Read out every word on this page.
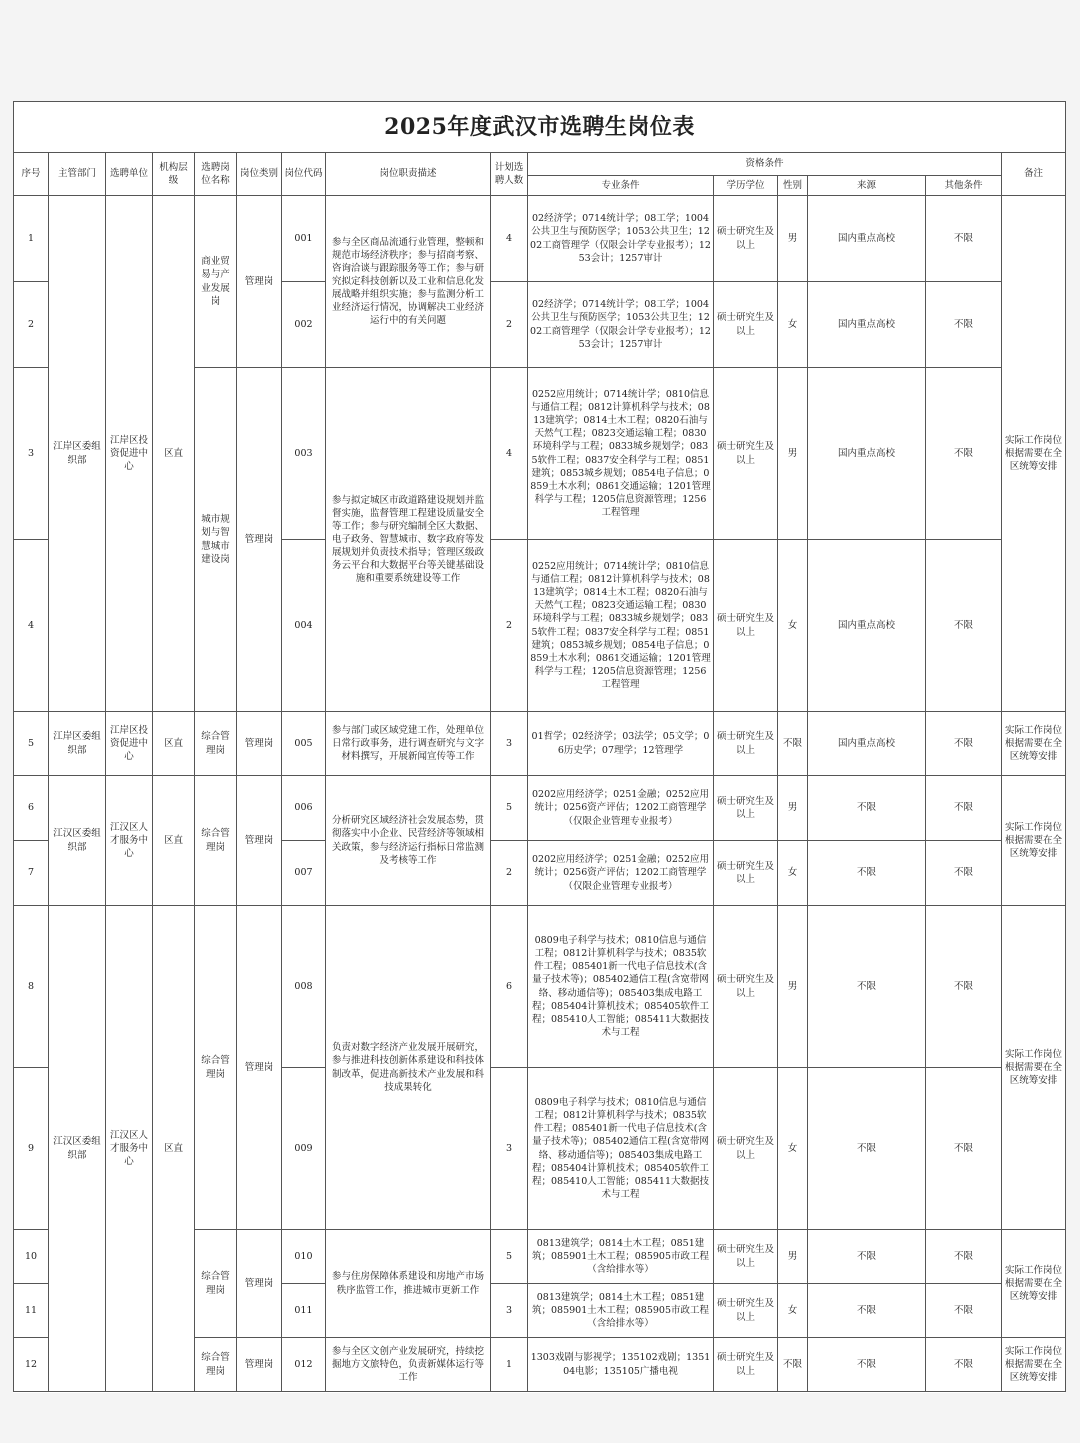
2025年度武汉市选聘生岗位表														
序号	主管部门	选聘单位	机构层级	选聘岗位名称	岗位类别	岗位代码	岗位职责描述	计划选聘人数	资格条件					备注
									专业条件	学历学位	性别	来源	其他条件	
1	江岸区委组织部	江岸区投资促进中心	区直	商业贸易与产业发展岗	管理岗	001	参与全区商品流通行业管理，整顿和规范市场经济秩序；参与招商考察、咨询洽谈与跟踪服务等工作；参与研究拟定科技创新以及工业和信息化发展战略并组织实施；参与监测分析工业经济运行情况，协调解决工业经济运行中的有关问题	4	02经济学；0714统计学；08工学；1004公共卫生与预防医学；1053公共卫生；1202工商管理学（仅限会计学专业报考）；1253会计；1257审计	硕士研究生及以上	男	国内重点高校	不限	实际工作岗位根据需要在全区统筹安排
2						002		2	02经济学；0714统计学；08工学；1004公共卫生与预防医学；1053公共卫生；1202工商管理学（仅限会计学专业报考）；1253会计；1257审计	硕士研究生及以上	女	国内重点高校	不限	
3				城市规划与智慧城市建设岗	管理岗	003	参与拟定城区市政道路建设规划并监督实施，监督管理工程建设质量安全等工作；参与研究编制全区大数据、电子政务、智慧城市、数字政府等发展规划并负责技术指导；管理区级政务云平台和大数据平台等关键基础设施和重要系统建设等工作	4	0252应用统计；0714统计学；0810信息与通信工程；0812计算机科学与技术；0813建筑学；0814土木工程；0820石油与天然气工程；0823交通运输工程；0830环境科学与工程；0833城乡规划学；0835软件工程；0837安全科学与工程；0851建筑；0853城乡规划；0854电子信息；0859土木水利；0861交通运输；1201管理科学与工程；1205信息资源管理；1256工程管理	硕士研究生及以上	男	国内重点高校	不限	
4						004		2	0252应用统计；0714统计学；0810信息与通信工程；0812计算机科学与技术；0813建筑学；0814土木工程；0820石油与天然气工程；0823交通运输工程；0830环境科学与工程；0833城乡规划学；0835软件工程；0837安全科学与工程；0851建筑；0853城乡规划；0854电子信息；0859土木水利；0861交通运输；1201管理科学与工程；1205信息资源管理；1256工程管理	硕士研究生及以上	女	国内重点高校	不限	
5	江岸区委组织部	江岸区投资促进中心	区直	综合管理岗	管理岗	005	参与部门或区域党建工作，处理单位日常行政事务，进行调查研究与文字材料撰写，开展新闻宣传等工作	3	01哲学；02经济学；03法学；05文学；06历史学；07理学；12管理学	硕士研究生及以上	不限	国内重点高校	不限	实际工作岗位根据需要在全区统筹安排
6	江汉区委组织部	江汉区人才服务中心	区直	综合管理岗	管理岗	006	分析研究区域经济社会发展态势，贯彻落实中小企业、民营经济等领域相关政策，参与经济运行指标日常监测及考核等工作	5	0202应用经济学；0251金融；0252应用统计；0256资产评估；1202工商管理学（仅限企业管理专业报考）	硕士研究生及以上	男	不限	不限	实际工作岗位根据需要在全区统筹安排
7						007		2	0202应用经济学；0251金融；0252应用统计；0256资产评估；1202工商管理学（仅限企业管理专业报考）	硕士研究生及以上	女	不限	不限	
8	江汉区委组织部	江汉区人才服务中心	区直	综合管理岗	管理岗	008	负责对数字经济产业发展开展研究，参与推进科技创新体系建设和科技体制改革，促进高新技术产业发展和科技成果转化	6	0809电子科学与技术；0810信息与通信工程；0812计算机科学与技术；0835软件工程；085401新一代电子信息技术(含量子技术等)；085402通信工程(含宽带网络、移动通信等)；085403集成电路工程；085404计算机技术；085405软件工程；085410人工智能；085411大数据技术与工程	硕士研究生及以上	男	不限	不限	实际工作岗位根据需要在全区统筹安排
9						009		3	0809电子科学与技术；0810信息与通信工程；0812计算机科学与技术；0835软件工程；085401新一代电子信息技术(含量子技术等)；085402通信工程(含宽带网络、移动通信等)；085403集成电路工程；085404计算机技术；085405软件工程；085410人工智能；085411大数据技术与工程	硕士研究生及以上	女	不限	不限	
10				综合管理岗	管理岗	010	参与住房保障体系建设和房地产市场秩序监管工作，推进城市更新工作	5	0813建筑学；0814土木工程；0851建筑；085901土木工程；085905市政工程（含给排水等）	硕士研究生及以上	男	不限	不限	实际工作岗位根据需要在全区统筹安排
11						011		3	0813建筑学；0814土木工程；0851建筑；085901土木工程；085905市政工程（含给排水等）	硕士研究生及以上	女	不限	不限	
12				综合管理岗	管理岗	012	参与全区文创产业发展研究，持续挖掘地方文旅特色，负责新媒体运行等工作	1	1303戏剧与影视学；135102戏剧；135104电影；135105广播电视	硕士研究生及以上	不限	不限	不限	实际工作岗位根据需要在全区统筹安排
